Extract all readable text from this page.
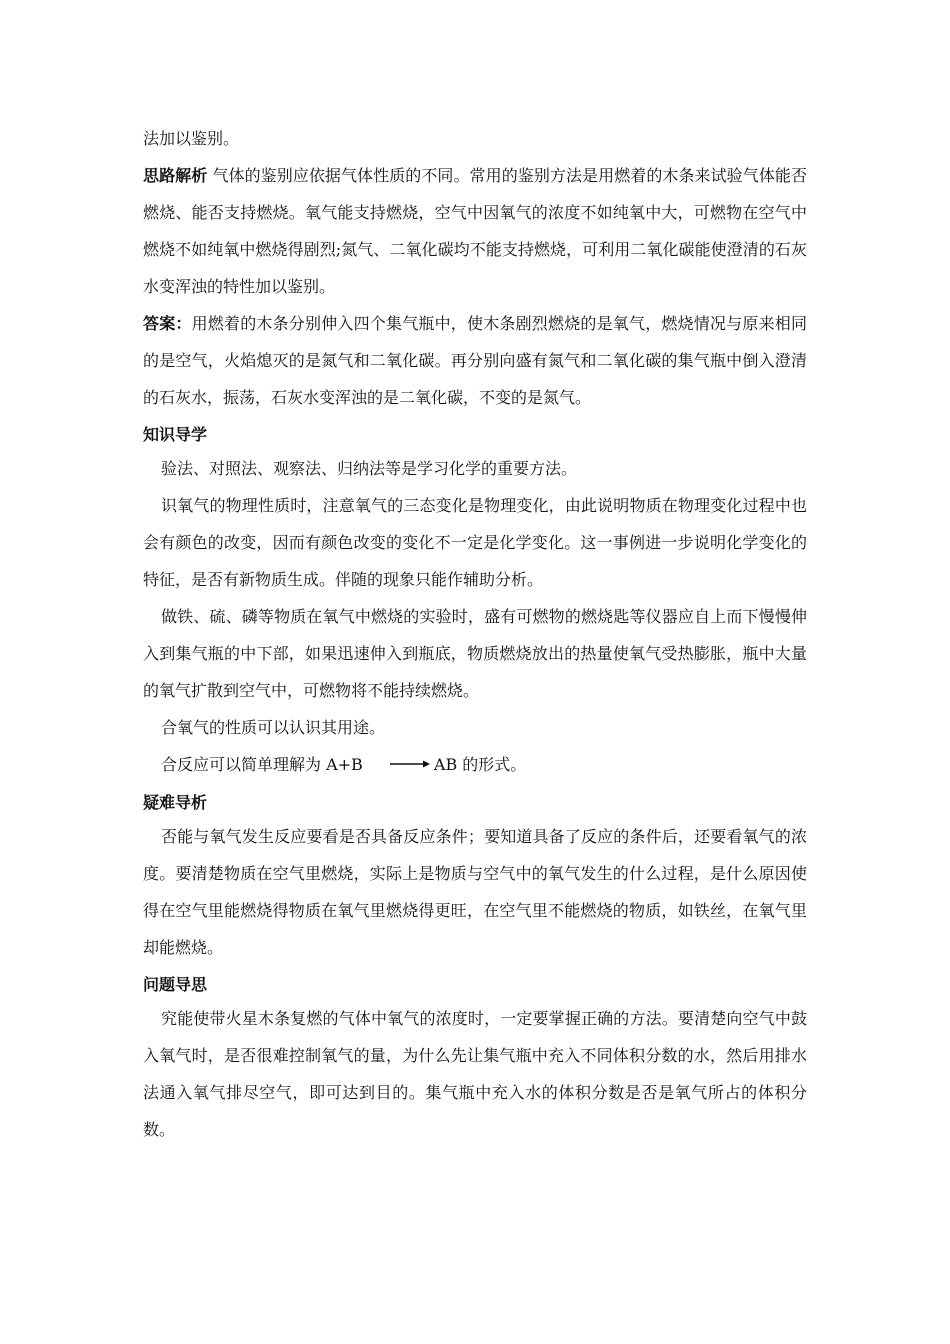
法加以鉴别。

思路解析 气体的鉴别应依据气体性质的不同。常用的鉴别方法是用燃着的木条来试验气体能否燃烧、能否支持燃烧。氧气能支持燃烧，空气中因氧气的浓度不如纯氧中大，可燃物在空气中燃烧不如纯氧中燃烧得剧烈;氮气、二氧化碳均不能支持燃烧，可利用二氧化碳能使澄清的石灰水变浑浊的特性加以鉴别。

答案：用燃着的木条分别伸入四个集气瓶中，使木条剧烈燃烧的是氧气，燃烧情况与原来相同的是空气，火焰熄灭的是氮气和二氧化碳。再分别向盛有氮气和二氧化碳的集气瓶中倒入澄清的石灰水，振荡，石灰水变浑浊的是二氧化碳，不变的是氮气。

知识导学

验法、对照法、观察法、归纳法等是学习化学的重要方法。

识氧气的物理性质时，注意氧气的三态变化是物理变化，由此说明物质在物理变化过程中也会有颜色的改变，因而有颜色改变的变化不一定是化学变化。这一事例进一步说明化学变化的特征，是否有新物质生成。伴随的现象只能作辅助分析。

做铁、硫、磷等物质在氧气中燃烧的实验时，盛有可燃物的燃烧匙等仪器应自上而下慢慢伸入到集气瓶的中下部，如果迅速伸入到瓶底，物质燃烧放出的热量使氧气受热膨胀，瓶中大量的氧气扩散到空气中，可燃物将不能持续燃烧。

合氧气的性质可以认识其用途。

合反应可以简单理解为 A+B → AB 的形式。

疑难导析

否能与氧气发生反应要看是否具备反应条件；要知道具备了反应的条件后，还要看氧气的浓度。要清楚物质在空气里燃烧，实际上是物质与空气中的氧气发生的什么过程，是什么原因使得在空气里能燃烧得物质在氧气里燃烧得更旺，在空气里不能燃烧的物质，如铁丝，在氧气里却能燃烧。

问题导思

究能使带火星木条复燃的气体中氧气的浓度时，一定要掌握正确的方法。要清楚向空气中鼓入氧气时，是否很难控制氧气的量，为什么先让集气瓶中充入不同体积分数的水，然后用排水法通入氧气排尽空气，即可达到目的。集气瓶中充入水的体积分数是否是氧气所占的体积分数。
